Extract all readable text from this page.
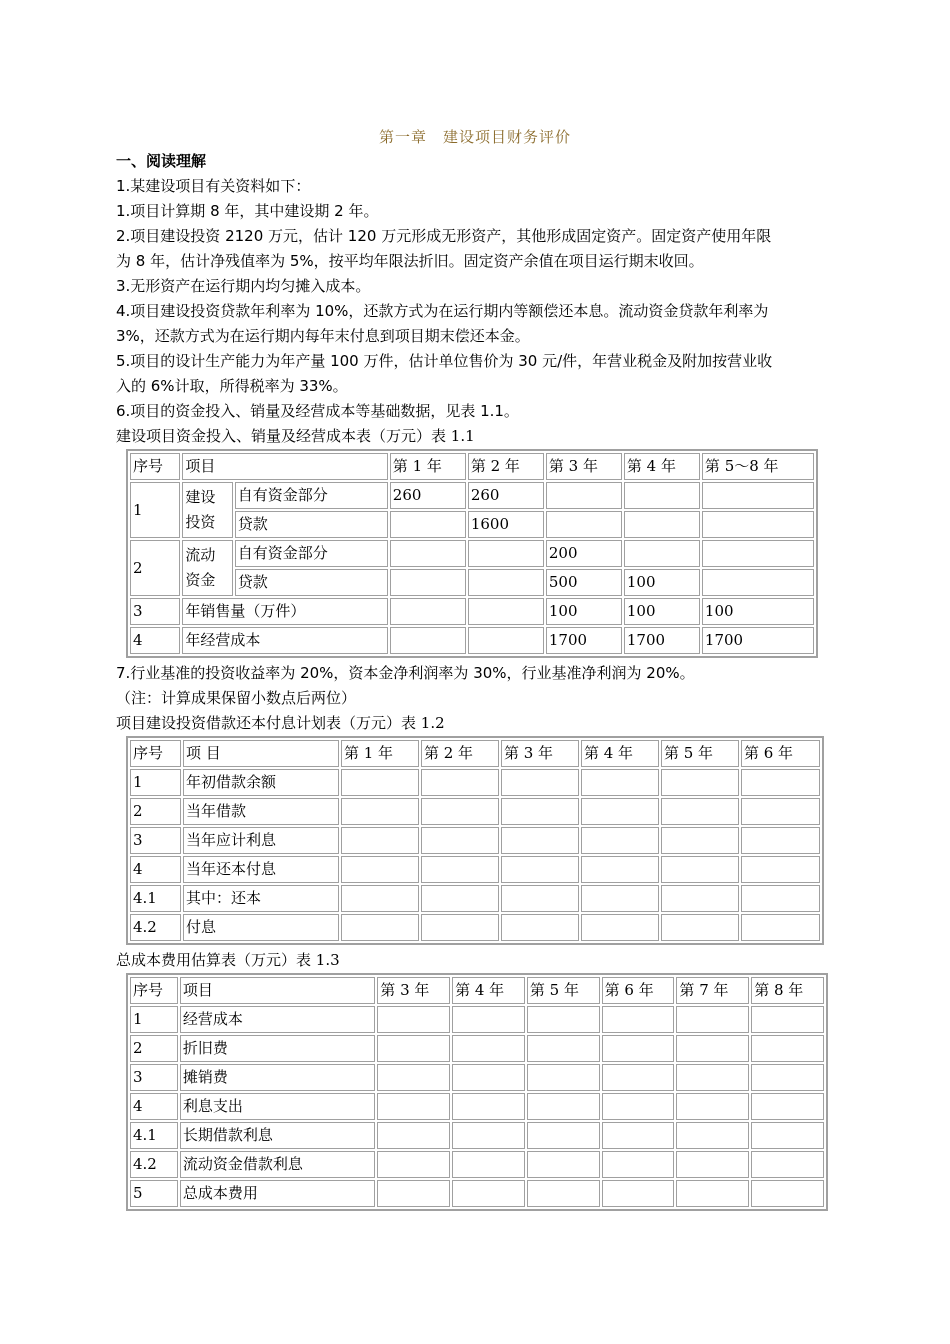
第一章　建设项目财务评价
一、阅读理解
1.某建设项目有关资料如下：
1.项目计算期 8 年，其中建设期 2 年。
2.项目建设投资 2120 万元，估计 120 万元形成无形资产，其他形成固定资产。固定资产使用年限
为 8 年，估计净残值率为 5%，按平均年限法折旧。固定资产余值在项目运行期末收回。
3.无形资产在运行期内均匀摊入成本。
4.项目建设投资贷款年利率为 10%，还款方式为在运行期内等额偿还本息。流动资金贷款年利率为
3%，还款方式为在运行期内每年末付息到项目期末偿还本金。
5.项目的设计生产能力为年产量 100 万件，估计单位售价为 30 元/件，年营业税金及附加按营业收
入的 6%计取，所得税率为 33%。
6.项目的资金投入、销量及经营成本等基础数据，见表 1.1。
建设项目资金投入、销量及经营成本表（万元）表 1.1
序号	项目		第 1 年	第 2 年	第 3 年	第 4 年	第 5～8 年
1	建设
投资	自有资金部分	260	260			
		贷款		1600			
2	流动
资金	自有资金部分			200		
		贷款			500	100	
3	年销售量（万件）				100	100	100
4	年经营成本				1700	1700	1700
7.行业基准的投资收益率为 20%，资本金净利润率为 30%，行业基准净利润为 20%。
（注：计算成果保留小数点后两位）
项目建设投资借款还本付息计划表（万元）表 1.2
序号	项 目	第 1 年	第 2 年	第 3 年	第 4 年	第 5 年	第 6 年
1	年初借款余额						
2	当年借款						
3	当年应计利息						
4	当年还本付息						
4.1	其中：还本						
4.2	付息						
总成本费用估算表（万元）表 1.3
序号	项目	第 3 年	第 4 年	第 5 年	第 6 年	第 7 年	第 8 年
1	经营成本						
2	折旧费						
3	摊销费						
4	利息支出						
4.1	长期借款利息						
4.2	流动资金借款利息						
5	总成本费用						
